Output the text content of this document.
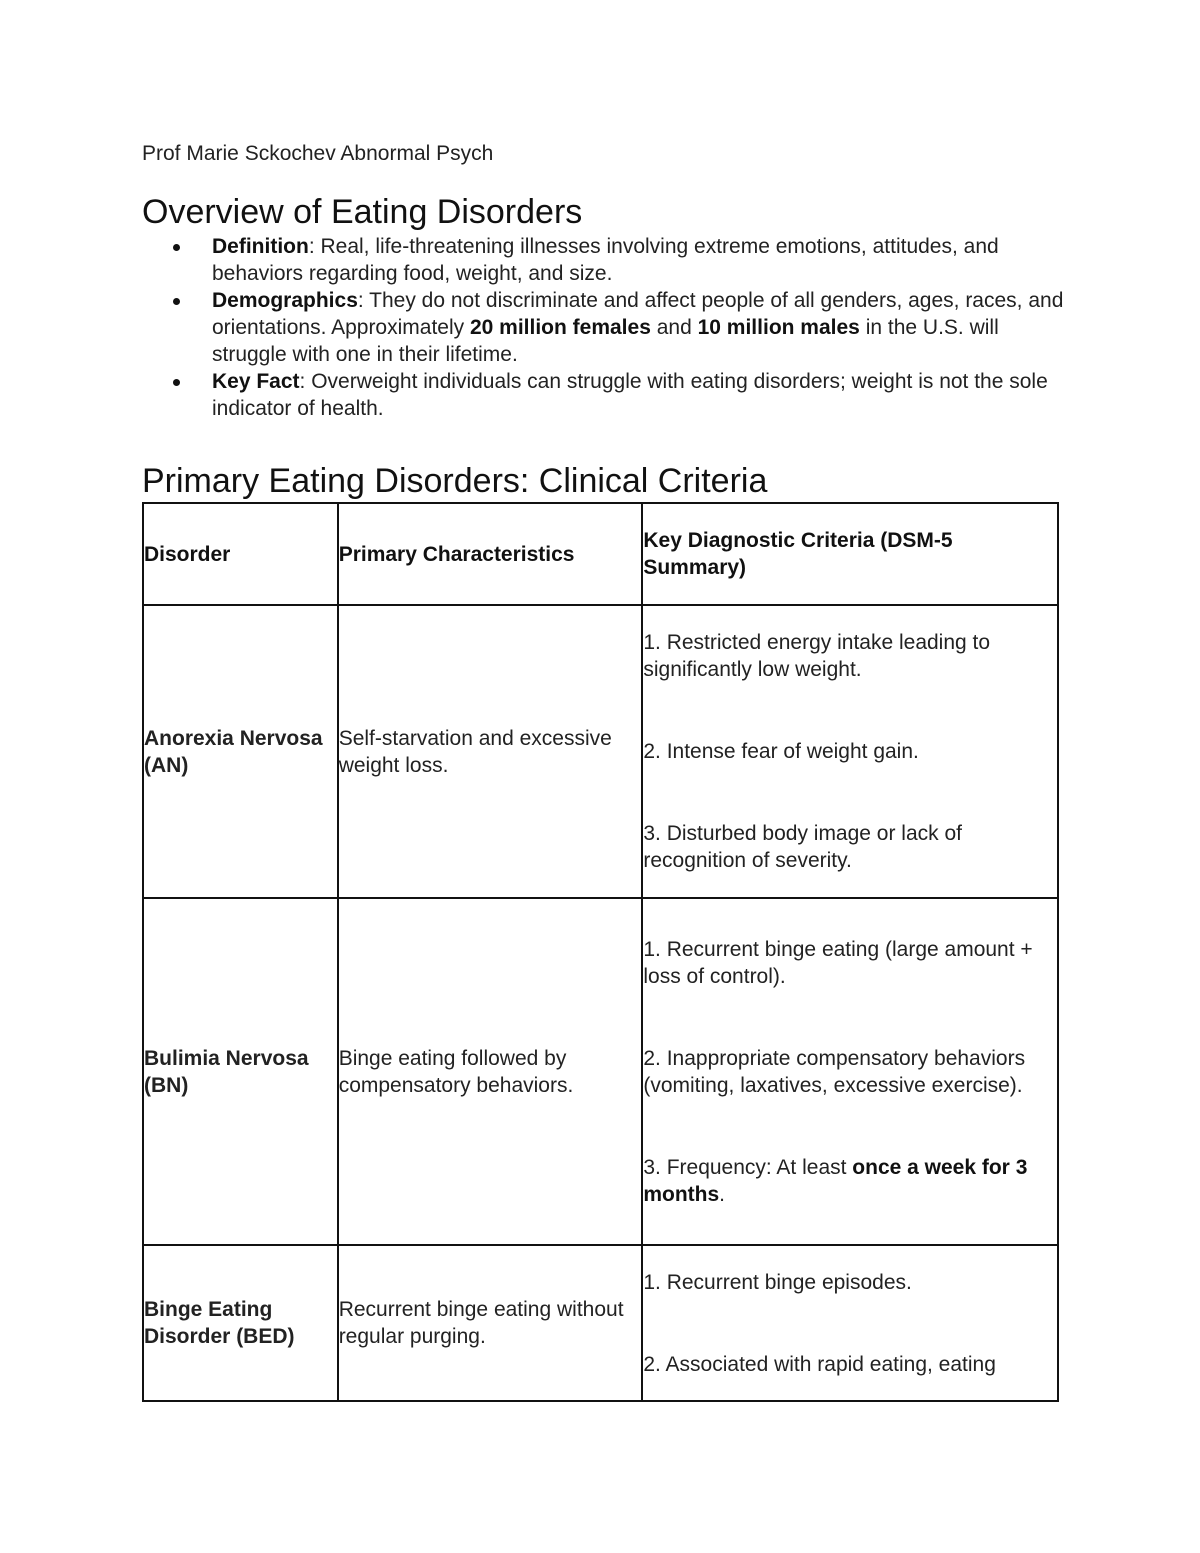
Prof Marie Sckochev Abnormal Psych
Overview of Eating Disorders
Definition: Real, life-threatening illnesses involving extreme emotions, attitudes, and behaviors regarding food, weight, and size.
Demographics: They do not discriminate and affect people of all genders, ages, races, and orientations. Approximately 20 million females and 10 million males in the U.S. will struggle with one in their lifetime.
Key Fact: Overweight individuals can struggle with eating disorders; weight is not the sole indicator of health.
Primary Eating Disorders: Clinical Criteria
Disorder	Primary Characteristics	Key Diagnostic Criteria (DSM-5 Summary)
Anorexia Nervosa (AN)	Self-starvation and excessive weight loss.	1. Restricted energy intake leading to significantly low weight.

2. Intense fear of weight gain.

3. Disturbed body image or lack of recognition of severity.

Bulimia Nervosa (BN)	Binge eating followed by compensatory behaviors.	1. Recurrent binge eating (large amount + loss of control).

2. Inappropriate compensatory behaviors (vomiting, laxatives, excessive exercise).

3. Frequency: At least once a week for 3 months.

Binge Eating Disorder (BED)	Recurrent binge eating without regular purging.	1. Recurrent binge episodes.

2. Associated with rapid eating, eating
